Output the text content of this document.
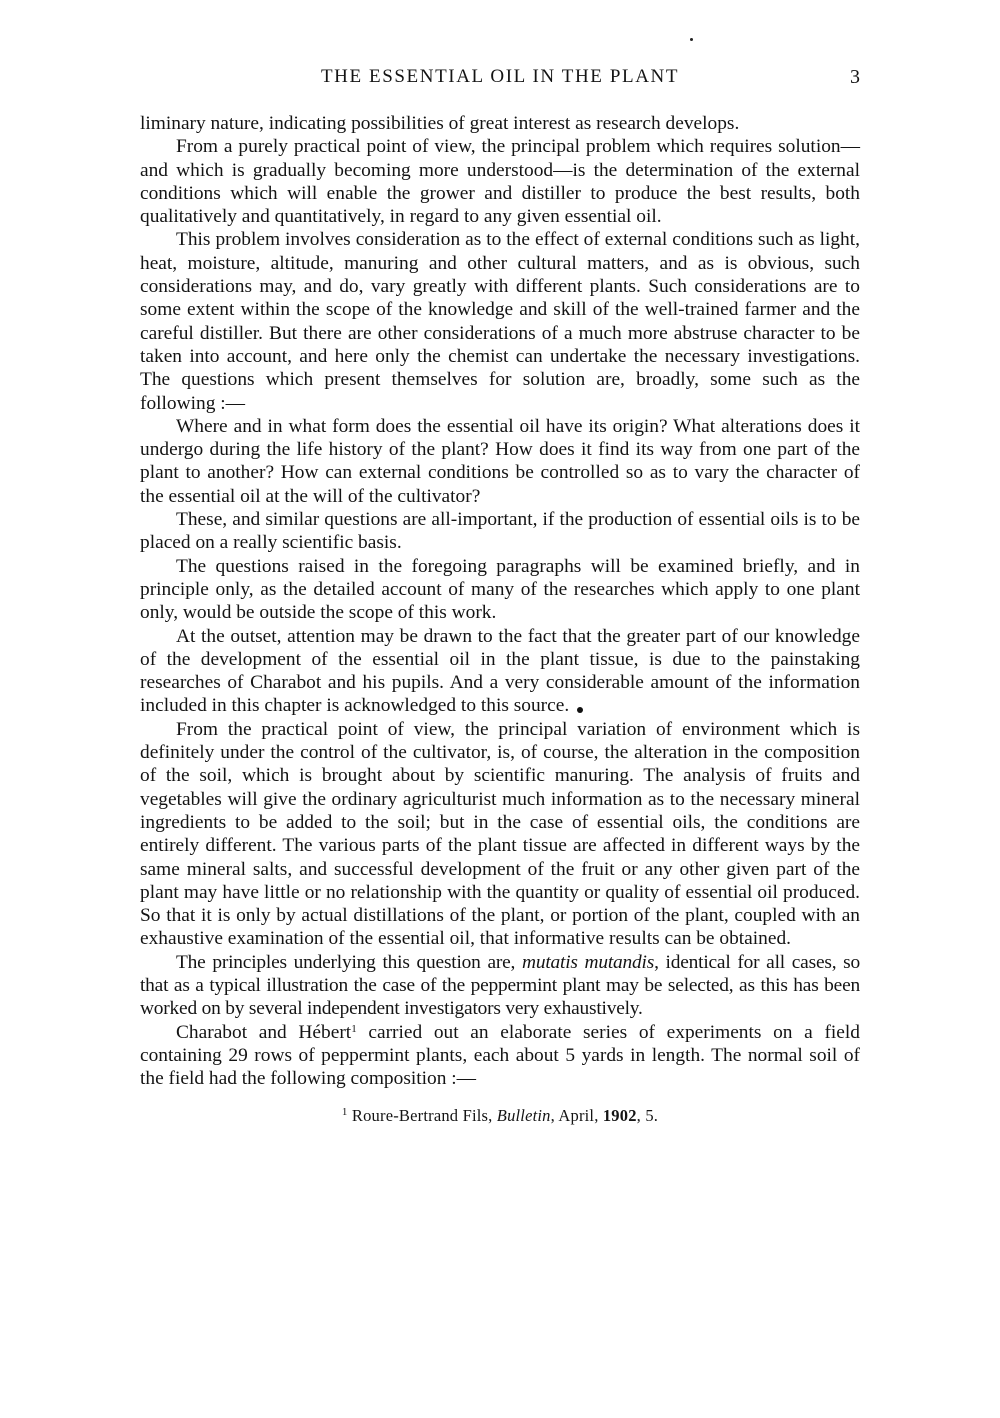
THE ESSENTIAL OIL IN THE PLANT	3

liminary nature, indicating possibilities of great interest as research develops.

From a purely practical point of view, the principal problem which requires solution—and which is gradually becoming more understood—is the determination of the external conditions which will enable the grower and distiller to produce the best results, both qualitatively and quantitatively, in regard to any given essential oil.

This problem involves consideration as to the effect of external conditions such as light, heat, moisture, altitude, manuring and other cultural matters, and as is obvious, such considerations may, and do, vary greatly with different plants. Such considerations are to some extent within the scope of the knowledge and skill of the well-trained farmer and the careful distiller. But there are other considerations of a much more abstruse character to be taken into account, and here only the chemist can undertake the necessary investigations. The questions which present themselves for solution are, broadly, some such as the following :—

Where and in what form does the essential oil have its origin? What alterations does it undergo during the life history of the plant? How does it find its way from one part of the plant to another? How can external conditions be controlled so as to vary the character of the essential oil at the will of the cultivator?

These, and similar questions are all-important, if the production of essential oils is to be placed on a really scientific basis.

The questions raised in the foregoing paragraphs will be examined briefly, and in principle only, as the detailed account of many of the researches which apply to one plant only, would be outside the scope of this work.

At the outset, attention may be drawn to the fact that the greater part of our knowledge of the development of the essential oil in the plant tissue, is due to the painstaking researches of Charabot and his pupils. And a very considerable amount of the information included in this chapter is acknowledged to this source.

From the practical point of view, the principal variation of environment which is definitely under the control of the cultivator, is, of course, the alteration in the composition of the soil, which is brought about by scientific manuring. The analysis of fruits and vegetables will give the ordinary agriculturist much information as to the necessary mineral ingredients to be added to the soil; but in the case of essential oils, the conditions are entirely different. The various parts of the plant tissue are affected in different ways by the same mineral salts, and successful development of the fruit or any other given part of the plant may have little or no relationship with the quantity or quality of essential oil produced. So that it is only by actual distillations of the plant, or portion of the plant, coupled with an exhaustive examination of the essential oil, that informative results can be obtained.

The principles underlying this question are, mutatis mutandis, identical for all cases, so that as a typical illustration the case of the peppermint plant may be selected, as this has been worked on by several independent investigators very exhaustively.

Charabot and Hébert$^1$ carried out an elaborate series of experiments on a field containing 29 rows of peppermint plants, each about 5 yards in length. The normal soil of the field had the following composition :—

$^1$ Roure-Bertrand Fils, Bulletin, April, 1902, 5.
